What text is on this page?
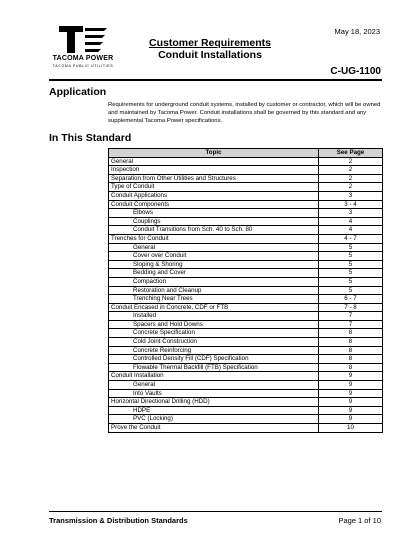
May 18, 2023
TACOMA POWER
TACOMA PUBLIC UTILITIES
Customer Requirements
Conduit Installations
C-UG-1100
Application
Requirements for underground conduit systems, installed by customer or contractor, which will be owned and maintained by Tacoma Power. Conduit installations shall be governed by this standard and any supplemental Tacoma Power specifications.
In This Standard
Topic	See Page
General	2
Inspection	2
Separation from Other Utilities and Structures	2
Type of Conduit	2
Conduit Applications	3
Conduit Components	3 - 4
Elbows	3
Couplings	4
Conduit Transitions from Sch. 40 to Sch. 80	4
Trenches for Conduit	4 - 7
General	5
Cover over Conduit	5
Sloping & Shoring	5
Bedding and Cover	5
Compaction	5
Restoration and Cleanup	5
Trenching Near Trees	6 - 7
Conduit Encased in Concrete, CDF or FTB	7 - 8
Installed	7
Spacers and Hold Downs	7
Concrete Specification	8
Cold Joint Construction	8
Concrete Reinforcing	8
Controlled Density Fill (CDF) Specification	8
Flowable Thermal Backfill (FTB) Specification	8
Conduit Installation	9
General	9
Into Vaults	9
Horizontal Directional Drilling (HDD)	9
HDPE	9
PVC (Locking)	9
Prove the Conduit	10
Transmission & Distribution Standards	Page 1 of 10
